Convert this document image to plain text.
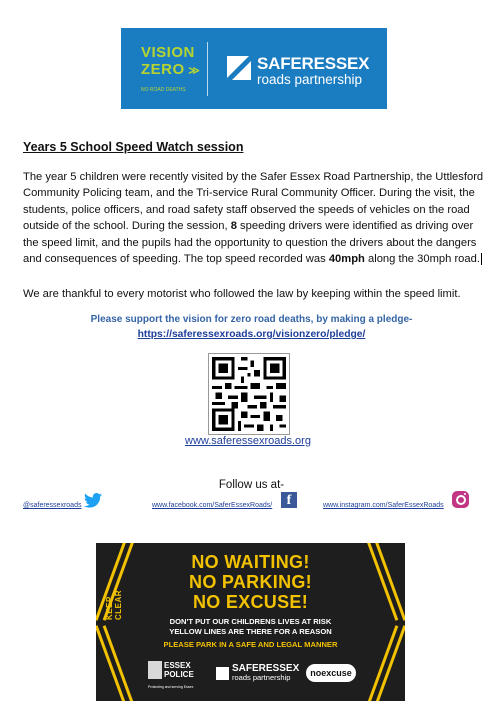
VISION
ZERO ≫
NO ROAD DEATHS
SAFERESSEX
roads partnership
Years 5 School Speed Watch session
The year 5 children were recently visited by the Safer Essex Road Partnership, the Uttlesford Community Policing team, and the Tri-service Rural Community Officer. During the visit, the students, police officers, and road safety staff observed the speeds of vehicles on the road outside of the school. During the session, 8 speeding drivers were identified as driving over the speed limit, and the pupils had the opportunity to question the drivers about the dangers and consequences of speeding. The top speed recorded was 40mph along the 30mph road.
We are thankful to every motorist who followed the law by keeping within the speed limit.
Please support the vision for zero road deaths, by making a pledge-
https://saferessexroads.org/visionzero/pledge/
www.saferessexroads.org
Follow us at-
@saferessexroads	www.facebook.com/SaferEssexRoads/	f	www.instagram.com/SaferEssexRoads
KEEP CLEAR
NO WAITING!
NO PARKING!
NO EXCUSE!
DON'T PUT OUR CHILDRENS LIVES AT RISK
YELLOW LINES ARE THERE FOR A REASON
PLEASE PARK IN A SAFE AND LEGAL MANNER
ESSEX POLICE
Protecting and serving Essex
SAFERESSEX
roads partnership	noexcuse
